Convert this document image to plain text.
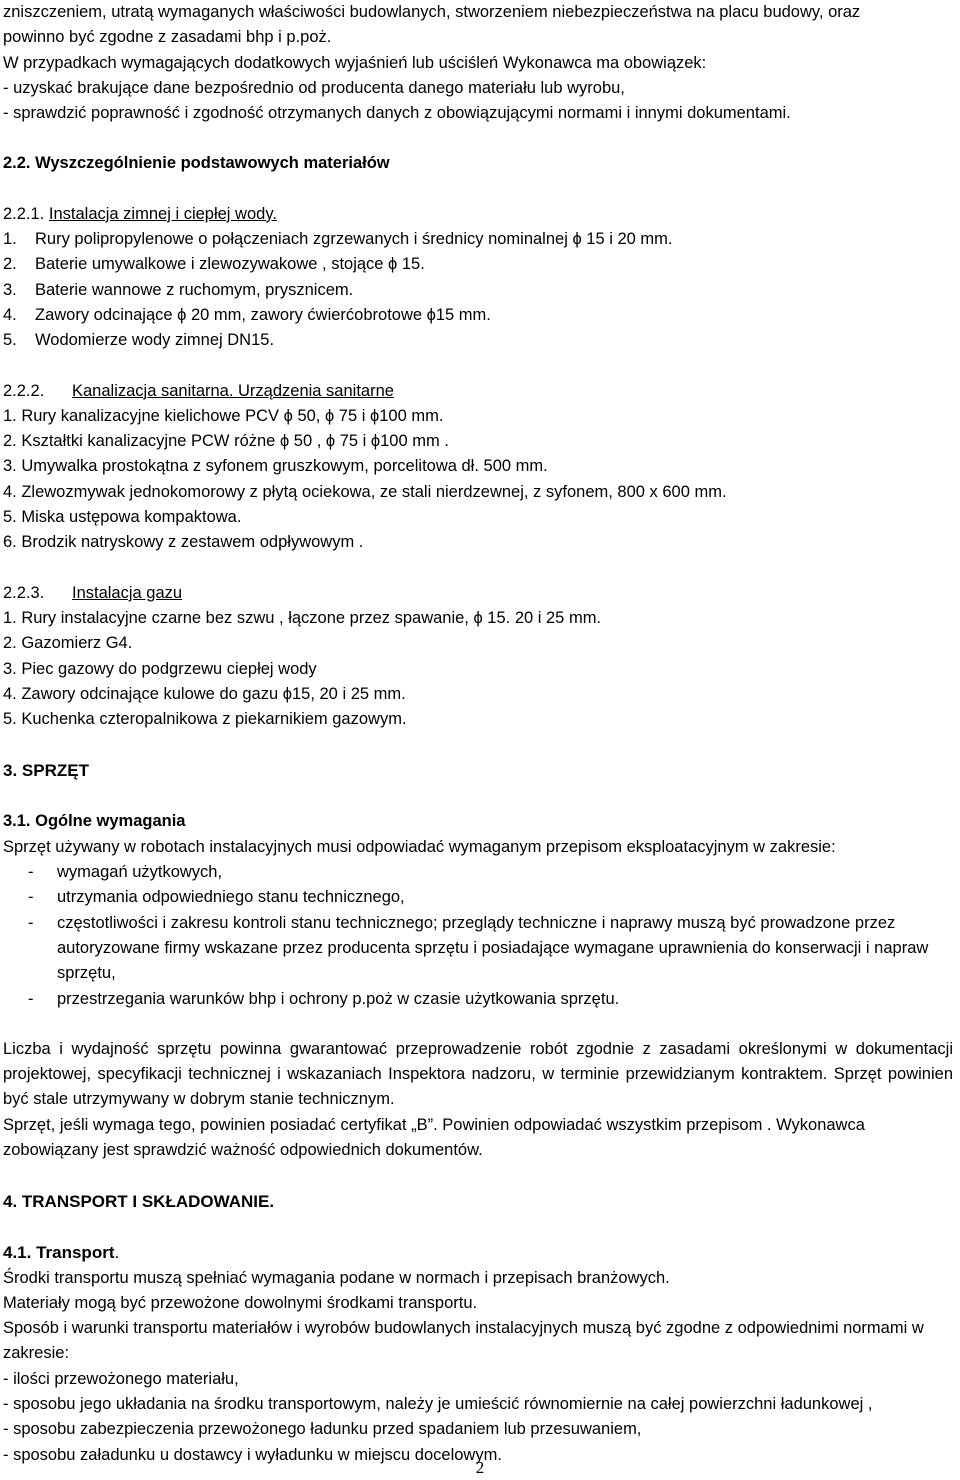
zniszczeniem, utratą wymaganych właściwości budowlanych, stworzeniem niebezpieczeństwa na placu budowy, oraz

powinno być zgodne z zasadami bhp i p.poż.

W przypadkach wymagających dodatkowych wyjaśnień lub uściśleń Wykonawca ma obowiązek:

- uzyskać brakujące dane bezpośrednio od producenta danego materiału lub wyrobu,

- sprawdzić poprawność i zgodność otrzymanych danych z obowiązującymi normami i innymi dokumentami.

2.2. Wyszczególnienie podstawowych materiałów

2.2.1. Instalacja zimnej i ciepłej wody.

1. Rury polipropylenowe o połączeniach zgrzewanych i średnicy nominalnej ϕ 15 i 20 mm.

2. Baterie umywalkowe i zlewozywakowe , stojące ϕ 15.

3. Baterie wannowe z ruchomym, prysznicem.

4. Zawory odcinające ϕ 20 mm, zawory ćwierćobrotowe ϕ15 mm.

5. Wodomierze wody zimnej DN15.

2.2.2. Kanalizacja sanitarna. Urządzenia sanitarne

1. Rury kanalizacyjne kielichowe PCV ϕ 50, ϕ 75 i ϕ100 mm.

2. Kształtki kanalizacyjne PCW różne ϕ 50 , ϕ 75 i ϕ100 mm .

3. Umywalka prostokątna z syfonem gruszkowym, porcelitowa dł. 500 mm.

4. Zlewozmywak jednokomorowy z płytą ociekowa, ze stali nierdzewnej, z syfonem, 800 x 600 mm.

5. Miska ustępowa kompaktowa.

6. Brodzik natryskowy z zestawem odpływowym .

2.2.3. Instalacja gazu

1. Rury instalacyjne czarne bez szwu , łączone przez spawanie, ϕ 15. 20 i 25 mm.

2. Gazomierz G4.

3. Piec gazowy do podgrzewu ciepłej wody

4. Zawory odcinające kulowe do gazu ϕ15, 20 i 25 mm.

5. Kuchenka czteropalnikowa z piekarnikiem gazowym.

3. SPRZĘT

3.1. Ogólne wymagania

Sprzęt używany w robotach instalacyjnych musi odpowiadać wymaganym przepisom eksploatacyjnym w zakresie:

- wymagań użytkowych,

- utrzymania odpowiedniego stanu technicznego,

- częstotliwości i zakresu kontroli stanu technicznego; przeglądy techniczne i naprawy muszą być prowadzone przez autoryzowane firmy wskazane przez producenta sprzętu i posiadające wymagane uprawnienia do konserwacji i napraw sprzętu,

- przestrzegania warunków bhp i ochrony p.poż w czasie użytkowania sprzętu.

Liczba i wydajność sprzętu powinna gwarantować przeprowadzenie robót zgodnie z zasadami określonymi w dokumentacji projektowej, specyfikacji technicznej i wskazaniach Inspektora nadzoru, w terminie przewidzianym kontraktem. Sprzęt powinien być stale utrzymywany w dobrym stanie technicznym.

Sprzęt, jeśli wymaga tego, powinien posiadać certyfikat „B”. Powinien odpowiadać wszystkim przepisom . Wykonawca zobowiązany jest sprawdzić ważność odpowiednich dokumentów.

4. TRANSPORT I SKŁADOWANIE.

4.1. Transport.

Środki transportu muszą spełniać wymagania podane w normach i przepisach branżowych.

Materiały mogą być przewożone dowolnymi środkami transportu.

Sposób i warunki transportu materiałów i wyrobów budowlanych instalacyjnych muszą być zgodne z odpowiednimi normami w zakresie:

- ilości przewożonego materiału,

- sposobu jego układania na środku transportowym, należy je umieścić równomiernie na całej powierzchni ładunkowej ,

- sposobu zabezpieczenia przewożonego ładunku przed spadaniem lub przesuwaniem,

- sposobu załadunku u dostawcy i wyładunku w miejscu docelowym.

2
